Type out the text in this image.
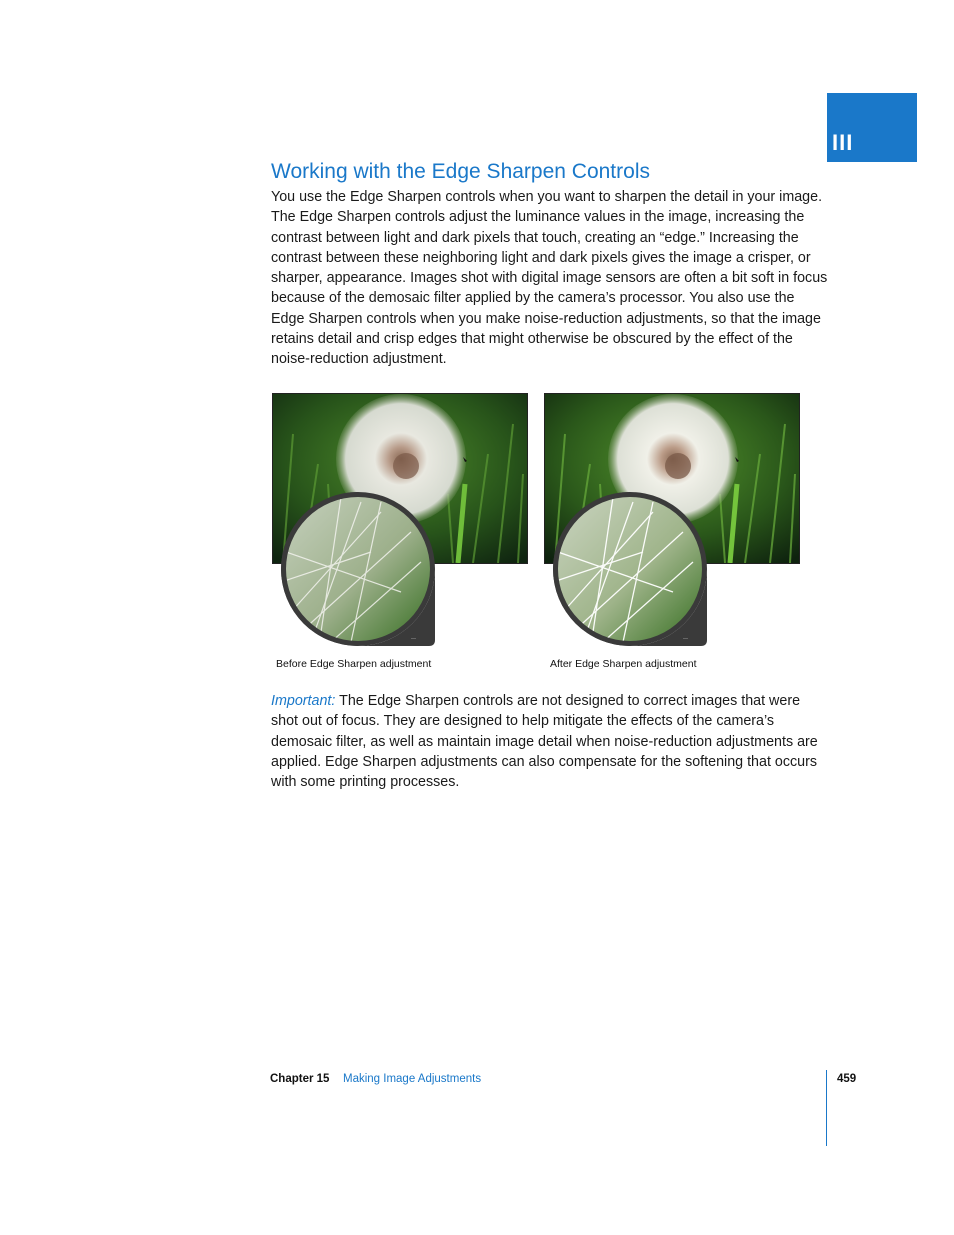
III
Working with the Edge Sharpen Controls

You use the Edge Sharpen controls when you want to sharpen the detail in your image. The Edge Sharpen controls adjust the luminance values in the image, increasing the contrast between light and dark pixels that touch, creating an “edge.” Increasing the contrast between these neighboring light and dark pixels gives the image a crisper, or sharper, appearance. Images shot with digital image sensors are often a bit soft in focus because of the demosaic filter applied by the camera’s processor. You also use the Edge Sharpen controls when you make noise-reduction adjustments, so that the image retains detail and crisp edges that might otherwise be obscured by the effect of the noise-reduction adjustment.

—	—
Before Edge Sharpen adjustment	After Edge Sharpen adjustment

Important: The Edge Sharpen controls are not designed to correct images that were shot out of focus. They are designed to help mitigate the effects of the camera’s demosaic filter, as well as maintain image detail when noise-reduction adjustments are applied. Edge Sharpen adjustments can also compensate for the softening that occurs with some printing processes.

Chapter 15 Making Image Adjustments	459
